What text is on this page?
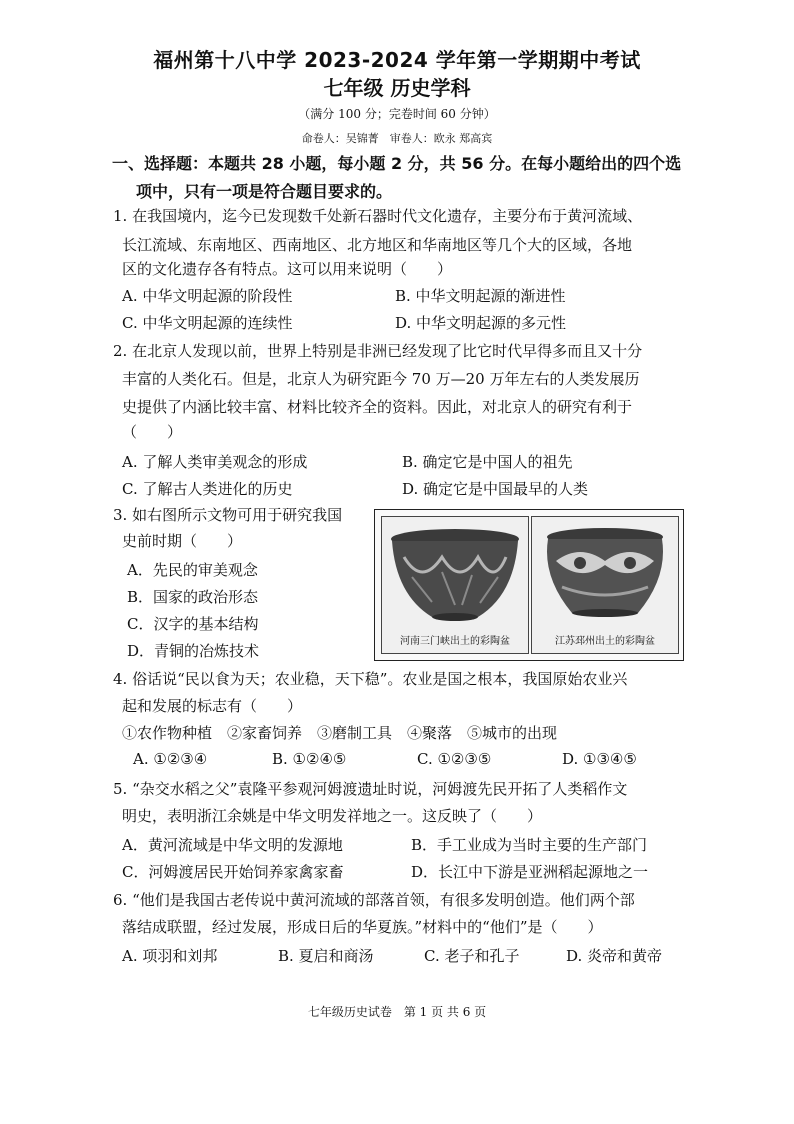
福州第十八中学 2023-2024 学年第一学期期中考试
七年级 历史学科
（满分 100 分；完卷时间 60 分钟）
命卷人：吴锦菁　审卷人：欧永 郑高宾
一、选择题：本题共 28 小题，每小题 2 分，共 56 分。在每小题给出的四个选
项中，只有一项是符合题目要求的。
1. 在我国境内，迄今已发现数千处新石器时代文化遗存，主要分布于黄河流域、
长江流域、东南地区、西南地区、北方地区和华南地区等几个大的区域，各地
区的文化遗存各有特点。这可以用来说明（　　）
A. 中华文明起源的阶段性	B. 中华文明起源的渐进性
C. 中华文明起源的连续性	D. 中华文明起源的多元性
2. 在北京人发现以前，世界上特别是非洲已经发现了比它时代早得多而且又十分
丰富的人类化石。但是，北京人为研究距今 70 万—20 万年左右的人类发展历
史提供了内涵比较丰富、材料比较齐全的资料。因此，对北京人的研究有利于
（　　）
A. 了解人类审美观念的形成	B. 确定它是中国人的祖先
C. 了解古人类进化的历史	D. 确定它是中国最早的人类
3. 如右图所示文物可用于研究我国
史前时期（　　）
A．先民的审美观念
B．国家的政治形态
C．汉字的基本结构
D．青铜的冶炼技术
河南三门峡出土的彩陶盆	江苏邳州出土的彩陶盆
4. 俗话说“民以食为天；农业稳，天下稳”。农业是国之根本，我国原始农业兴
起和发展的标志有（　　）
①农作物种植　②家畜饲养　③磨制工具　④聚落　⑤城市的出现
A. ①②③④	B. ①②④⑤	C. ①②③⑤	D. ①③④⑤
5. “杂交水稻之父”袁隆平参观河姆渡遗址时说，河姆渡先民开拓了人类稻作文
明史，表明浙江余姚是中华文明发祥地之一。这反映了（　　）
A．黄河流域是中华文明的发源地	B．手工业成为当时主要的生产部门
C．河姆渡居民开始饲养家禽家畜	D．长江中下游是亚洲稻起源地之一
6. “他们是我国古老传说中黄河流域的部落首领，有很多发明创造。他们两个部
落结成联盟，经过发展，形成日后的华夏族。”材料中的“他们”是（　　）
A. 项羽和刘邦	B. 夏启和商汤	C. 老子和孔子	D. 炎帝和黄帝
七年级历史试卷　第 1 页 共 6 页
